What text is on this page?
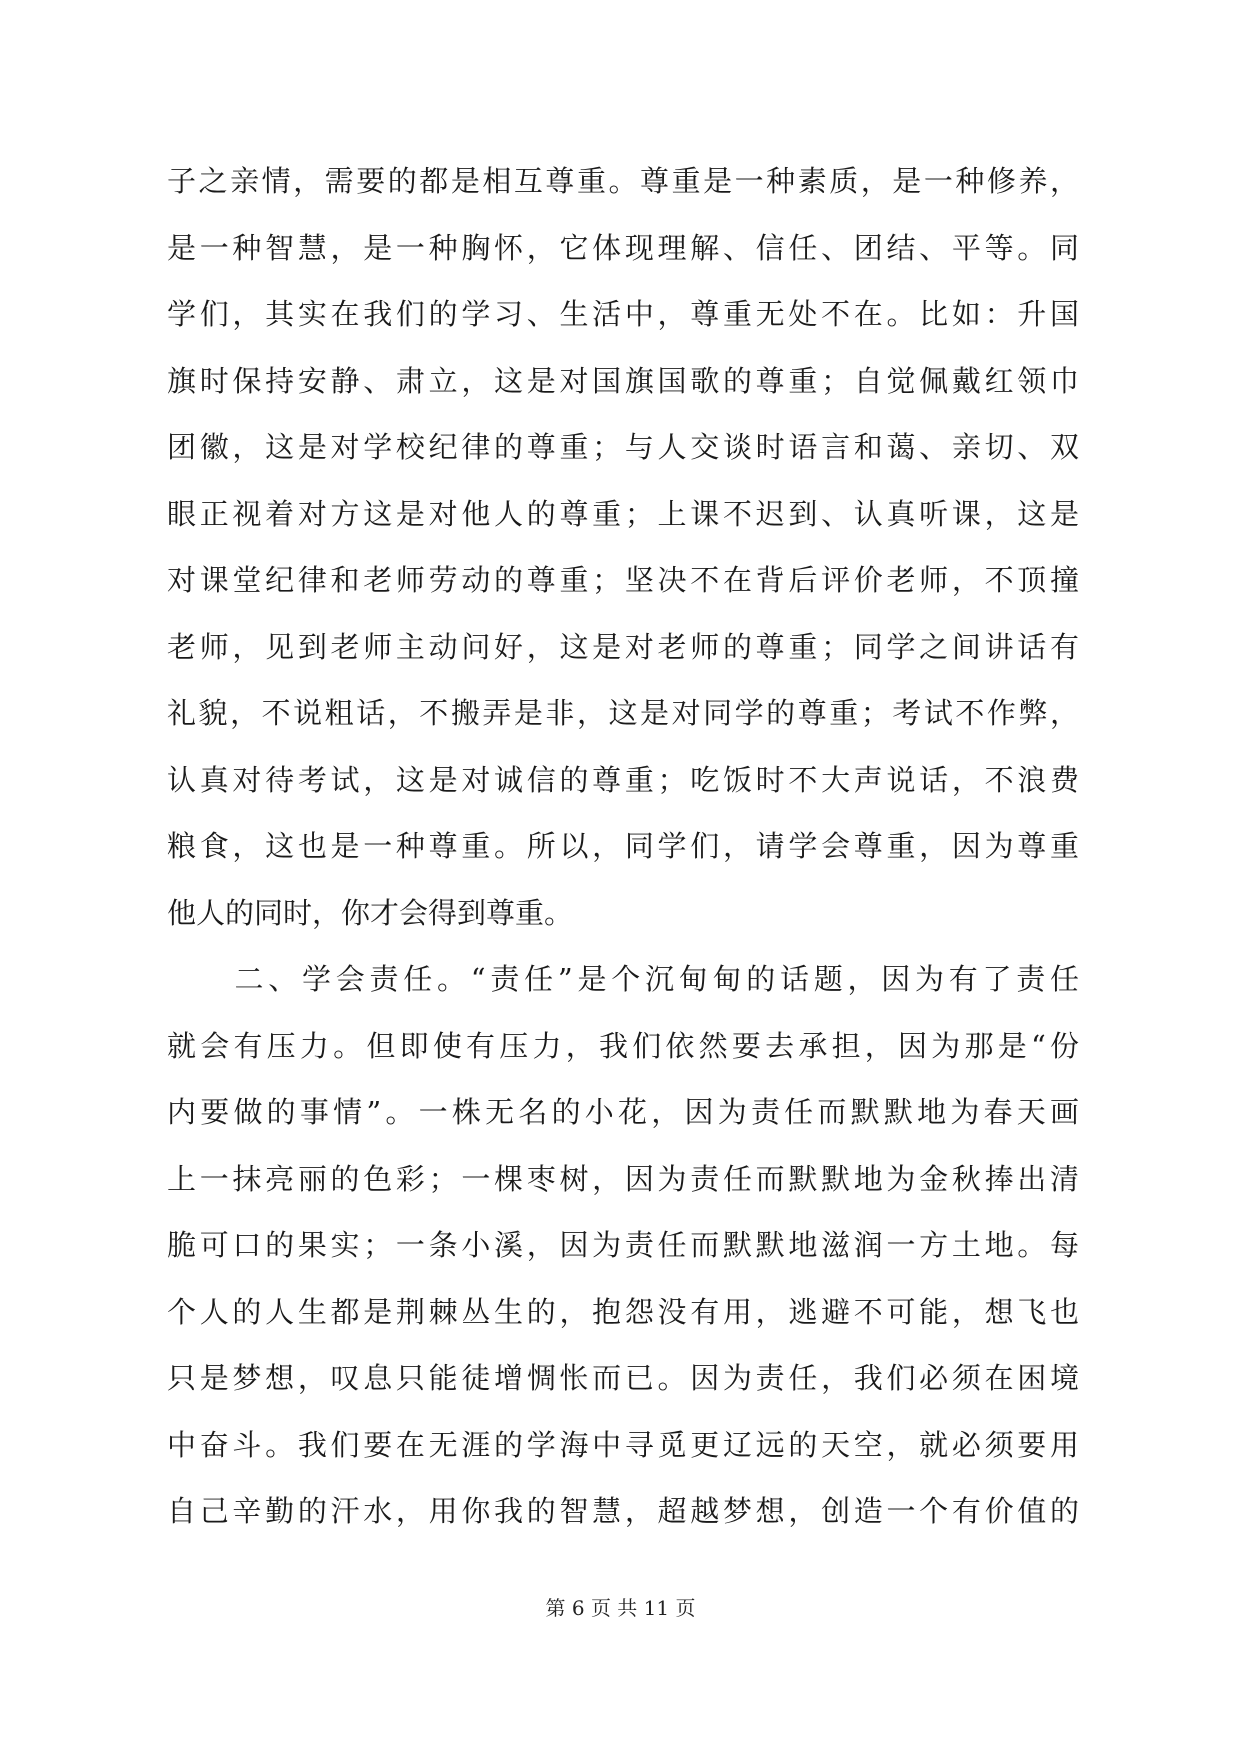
子之亲情，需要的都是相互尊重。尊重是一种素质，是一种修养，
是一种智慧，是一种胸怀，它体现理解、信任、团结、平等。同
学们，其实在我们的学习、生活中，尊重无处不在。比如：升国
旗时保持安静、肃立，这是对国旗国歌的尊重；自觉佩戴红领巾
团徽，这是对学校纪律的尊重；与人交谈时语言和蔼、亲切、双
眼正视着对方这是对他人的尊重；上课不迟到、认真听课，这是
对课堂纪律和老师劳动的尊重；坚决不在背后评价老师，不顶撞
老师，见到老师主动问好，这是对老师的尊重；同学之间讲话有
礼貌，不说粗话，不搬弄是非，这是对同学的尊重；考试不作弊，
认真对待考试，这是对诚信的尊重；吃饭时不大声说话，不浪费
粮食，这也是一种尊重。所以，同学们，请学会尊重，因为尊重
他人的同时，你才会得到尊重。
　　二、学会责任。“责任”是个沉甸甸的话题，因为有了责任
就会有压力。但即使有压力，我们依然要去承担，因为那是“份
内要做的事情”。一株无名的小花，因为责任而默默地为春天画
上一抹亮丽的色彩；一棵枣树，因为责任而默默地为金秋捧出清
脆可口的果实；一条小溪，因为责任而默默地滋润一方土地。每
个人的人生都是荆棘丛生的，抱怨没有用，逃避不可能，想飞也
只是梦想，叹息只能徒增惆怅而已。因为责任，我们必须在困境
中奋斗。我们要在无涯的学海中寻觅更辽远的天空，就必须要用
自己辛勤的汗水，用你我的智慧，超越梦想，创造一个有价值的
第 6 页 共 11 页
